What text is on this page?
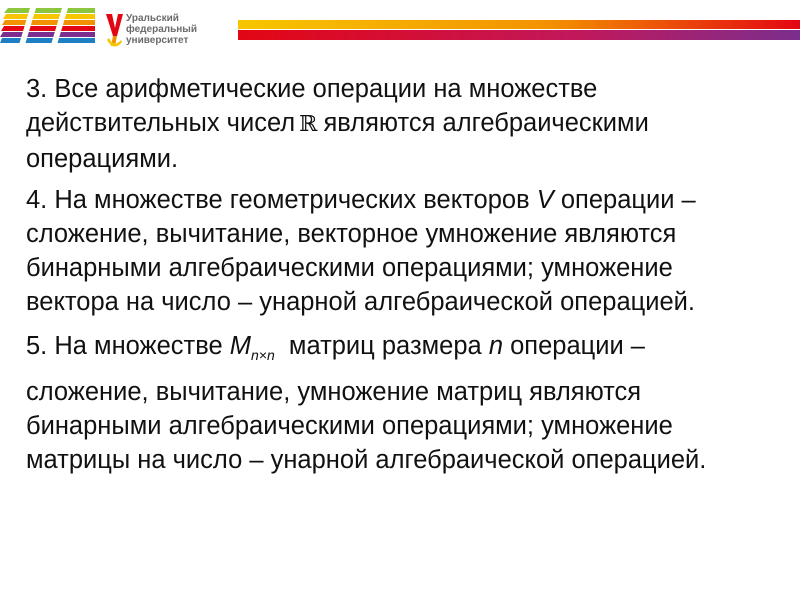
Уральский
федеральный
университет
3. Все арифметические операции на множестве
действительных чисел ℝ являются алгебраическими
операциями.
4. На множестве геометрических векторов V операции –
сложение, вычитание, векторное умножение являются
бинарными алгебраическими операциями; умножение
вектора на число – унарной алгебраической операцией.
5. На множестве $M_{n\times n}$ матриц размера n операции –
сложение, вычитание, умножение матриц являются
бинарными алгебраическими операциями; умножение
матрицы на число – унарной алгебраической операцией.
